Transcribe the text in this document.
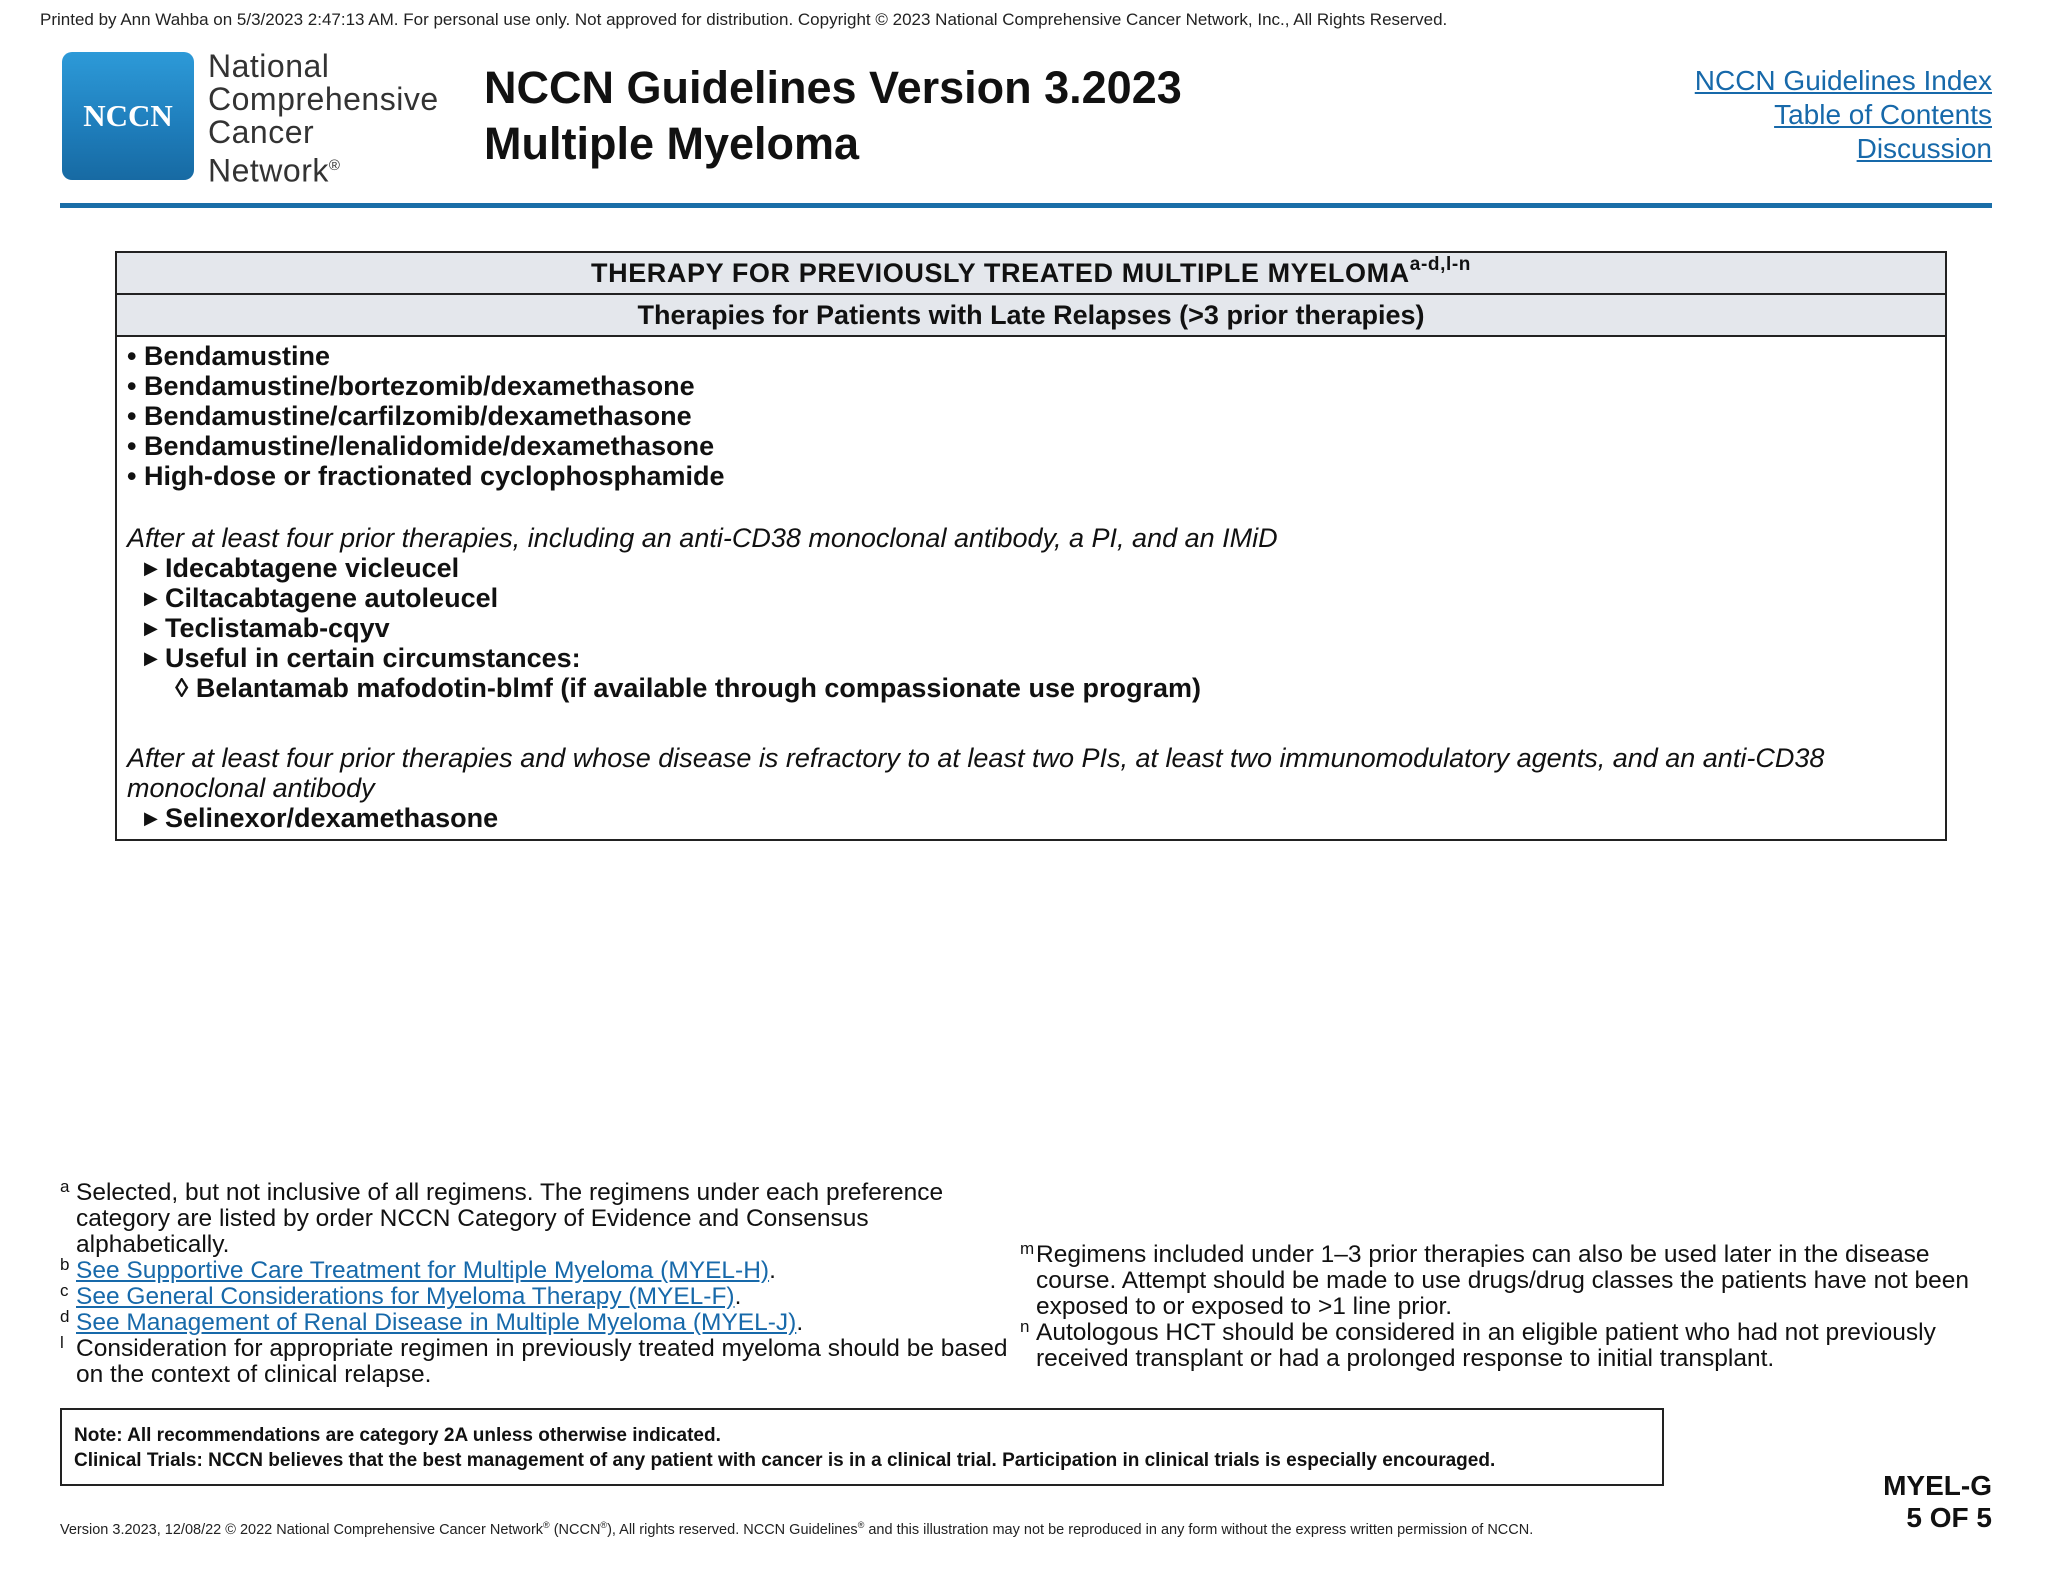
Printed by Ann Wahba on 5/3/2023 2:47:13 AM. For personal use only. Not approved for distribution. Copyright © 2023 National Comprehensive Cancer Network, Inc., All Rights Reserved.
NCCN
National
Comprehensive
Cancer
Network®
NCCN Guidelines Version 3.2023
Multiple Myeloma
NCCN Guidelines Index
Table of Contents
Discussion
THERAPY FOR PREVIOUSLY TREATED MULTIPLE MYELOMA$^{a-d,l-n}$
Therapies for Patients with Late Relapses (>3 prior therapies)
• Bendamustine
• Bendamustine/bortezomib/dexamethasone
• Bendamustine/carfilzomib/dexamethasone
• Bendamustine/lenalidomide/dexamethasone
• High-dose or fractionated cyclophosphamide
After at least four prior therapies, including an anti-CD38 monoclonal antibody, a PI, and an IMiD
▶ Idecabtagene vicleucel
▶ Ciltacabtagene autoleucel
▶ Teclistamab-cqyv
▶ Useful in certain circumstances:
◊ Belantamab mafodotin-blmf (if available through compassionate use program)
After at least four prior therapies and whose disease is refractory to at least two PIs, at least two immunomodulatory agents, and an anti-CD38 monoclonal antibody
▶ Selinexor/dexamethasone
a Selected, but not inclusive of all regimens. The regimens under each preference category are listed by order NCCN Category of Evidence and Consensus alphabetically.
b See Supportive Care Treatment for Multiple Myeloma (MYEL-H).
c See General Considerations for Myeloma Therapy (MYEL-F).
d See Management of Renal Disease in Multiple Myeloma (MYEL-J).
l Consideration for appropriate regimen in previously treated myeloma should be based on the context of clinical relapse.
m Regimens included under 1–3 prior therapies can also be used later in the disease course. Attempt should be made to use drugs/drug classes the patients have not been exposed to or exposed to >1 line prior.
n Autologous HCT should be considered in an eligible patient who had not previously received transplant or had a prolonged response to initial transplant.
Note: All recommendations are category 2A unless otherwise indicated.
Clinical Trials: NCCN believes that the best management of any patient with cancer is in a clinical trial. Participation in clinical trials is especially encouraged.
MYEL-G
5 OF 5
Version 3.2023, 12/08/22 © 2022 National Comprehensive Cancer Network® (NCCN®), All rights reserved. NCCN Guidelines® and this illustration may not be reproduced in any form without the express written permission of NCCN.
